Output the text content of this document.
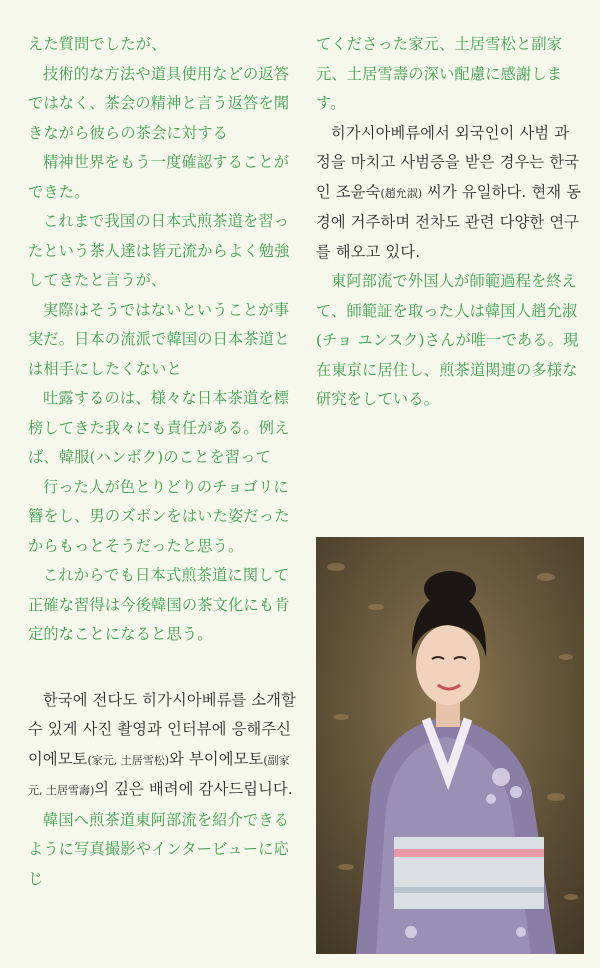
えた質問でしたが、

技術的な方法や道具使用などの返答ではなく、茶会の精神と言う返答を聞きながら彼らの茶会に対する

精神世界をもう一度確認することができた。

これまで我国の日本式煎茶道を習ったという茶人達は皆元流からよく勉強してきたと言うが、

実際はそうではないということが事実だ。日本の流派で韓国の日本茶道とは相手にしたくないと

吐露するのは、様々な日本茶道を標榜してきた我々にも責任がある。例えば、韓服(ハンボク)のことを習って

行った人が色とりどりのチョゴリに簪をし、男のズボンをはいた姿だったからもっとそうだったと思う。

これからでも日本式煎茶道に関して正確な習得は今後韓国の茶文化にも肯定的なことになると思う。

한국에 전다도 히가시아베류를 소개할 수 있게 사진 촬영과 인터뷰에 응해주신 이에모토(家元, 土居雪松)와 부이에모토(副家元, 土居雪壽)의 깊은 배려에 감사드립니다.

韓国へ煎茶道東阿部流を紹介できるように写真撮影やインタービューに応じ

てくださった家元、土居雪松と副家元、土居雪壽の深い配慮に感謝します。

히가시아베류에서 외국인이 사범 과정을 마치고 사범증을 받은 경우는 한국인 조윤숙(趙允淑) 씨가 유일하다. 현재 동경에 거주하며 전차도 관련 다양한 연구를 해오고 있다.

東阿部流で外国人が師範過程を終えて、師範証を取った人は韓国人趙允淑(チョ ユンスク)さんが唯一である。現在東京に居住し、煎茶道関連の多様な研究をしている。
